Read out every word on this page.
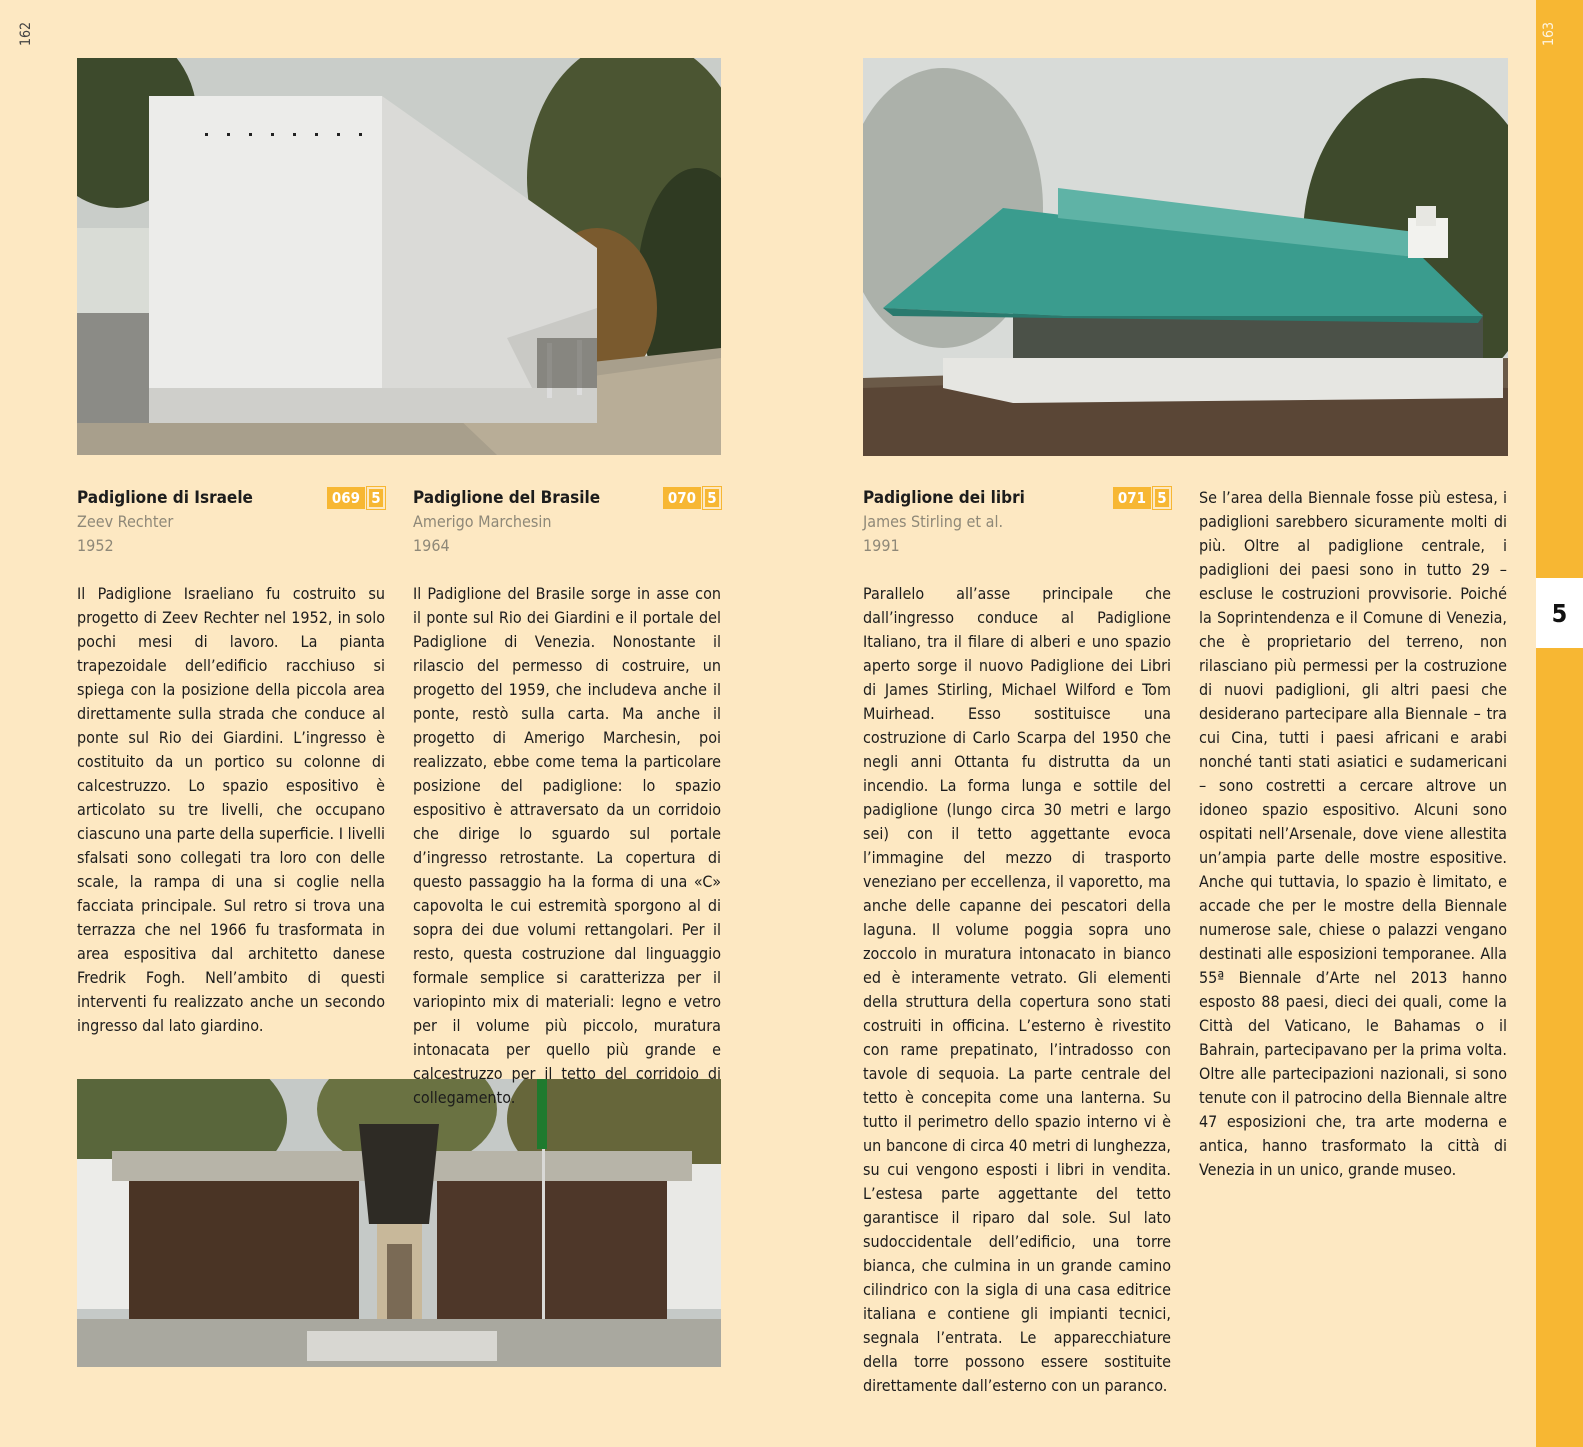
162	163
5
Padiglione di Israele
Zeev Rechter
1952
069 5

Il Padiglione Israeliano fu costruito su progetto di Zeev Rechter nel 1952, in solo pochi mesi di lavoro. La pianta trapezoidale dell’edificio racchiuso si spiega con la posizione della piccola area direttamente sulla strada che conduce al ponte sul Rio dei Giardini. L’ingresso è costituito da un portico su colonne di calcestruzzo. Lo spazio espositivo è articolato su tre livelli, che occupano ciascuno una parte della superficie. I livelli sfalsati sono collegati tra loro con delle scale, la rampa di una si coglie nella facciata principale. Sul retro si trova una terrazza che nel 1966 fu trasformata in area espositiva dal architetto danese Fredrik Fogh. Nell’ambito di questi interventi fu realizzato anche un secondo ingresso dal lato giardino.

Padiglione del Brasile
Amerigo Marchesin
1964
070 5

Il Padiglione del Brasile sorge in asse con il ponte sul Rio dei Giardini e il portale del Padiglione di Venezia. Nonostante il rilascio del permesso di costruire, un progetto del 1959, che includeva anche il ponte, restò sulla carta. Ma anche il progetto di Amerigo Marchesin, poi realizzato, ebbe come tema la particolare posizione del padiglione: lo spazio espositivo è attraversato da un corridoio che dirige lo sguardo sul portale d’ingresso retrostante. La copertura di questo passaggio ha la forma di una «C» capovolta le cui estremità sporgono al di sopra dei due volumi rettangolari. Per il resto, questa costruzione dal linguaggio formale semplice si caratterizza per il variopinto mix di materiali: legno e vetro per il volume più piccolo, muratura intonacata per quello più grande e calcestruzzo per il tetto del corridoio di collegamento.

Padiglione dei libri
James Stirling et al.
1991
071 5

Parallelo all’asse principale che dall’ingresso conduce al Padiglione Italiano, tra il filare di alberi e uno spazio aperto sorge il nuovo Padiglione dei Libri di James Stirling, Michael Wilford e Tom Muirhead. Esso sostituisce una costruzione di Carlo Scarpa del 1950 che negli anni Ottanta fu distrutta da un incendio. La forma lunga e sottile del padiglione (lungo circa 30 metri e largo sei) con il tetto aggettante evoca l’immagine del mezzo di trasporto veneziano per eccellenza, il vaporetto, ma anche delle capanne dei pescatori della laguna. Il volume poggia sopra uno zoccolo in muratura intonacato in bianco ed è interamente vetrato. Gli elementi della struttura della copertura sono stati costruiti in officina. L’esterno è rivestito con rame prepatinato, l’intradosso con tavole di sequoia. La parte centrale del tetto è concepita come una lanterna. Su tutto il perimetro dello spazio interno vi è un bancone di circa 40 metri di lunghezza, su cui vengono esposti i libri in vendita. L’estesa parte aggettante del tetto garantisce il riparo dal sole. Sul lato sudoccidentale dell’edificio, una torre bianca, che culmina in un grande camino cilindrico con la sigla di una casa editrice italiana e contiene gli impianti tecnici, segnala l’entrata. Le apparecchiature della torre possono essere sostituite direttamente dall’esterno con un paranco.

Se l’area della Biennale fosse più estesa, i padiglioni sarebbero sicuramente molti di più. Oltre al padiglione centrale, i padiglioni dei paesi sono in tutto 29 – escluse le costruzioni provvisorie. Poiché la Soprintendenza e il Comune di Venezia, che è proprietario del terreno, non rilasciano più permessi per la costruzione di nuovi padiglioni, gli altri paesi che desiderano partecipare alla Biennale – tra cui Cina, tutti i paesi africani e arabi nonché tanti stati asiatici e sudamericani – sono costretti a cercare altrove un idoneo spazio espositivo. Alcuni sono ospitati nell’Arsenale, dove viene allestita un’ampia parte delle mostre espositive. Anche qui tuttavia, lo spazio è limitato, e accade che per le mostre della Biennale numerose sale, chiese o palazzi vengano destinati alle esposizioni temporanee. Alla 55ª Biennale d’Arte nel 2013 hanno esposto 88 paesi, dieci dei quali, come la Città del Vaticano, le Bahamas o il Bahrain, partecipavano per la prima volta. Oltre alle partecipazioni nazionali, si sono tenute con il patrocino della Biennale altre 47 esposizioni che, tra arte moderna e antica, hanno trasformato la città di Venezia in un unico, grande museo.
